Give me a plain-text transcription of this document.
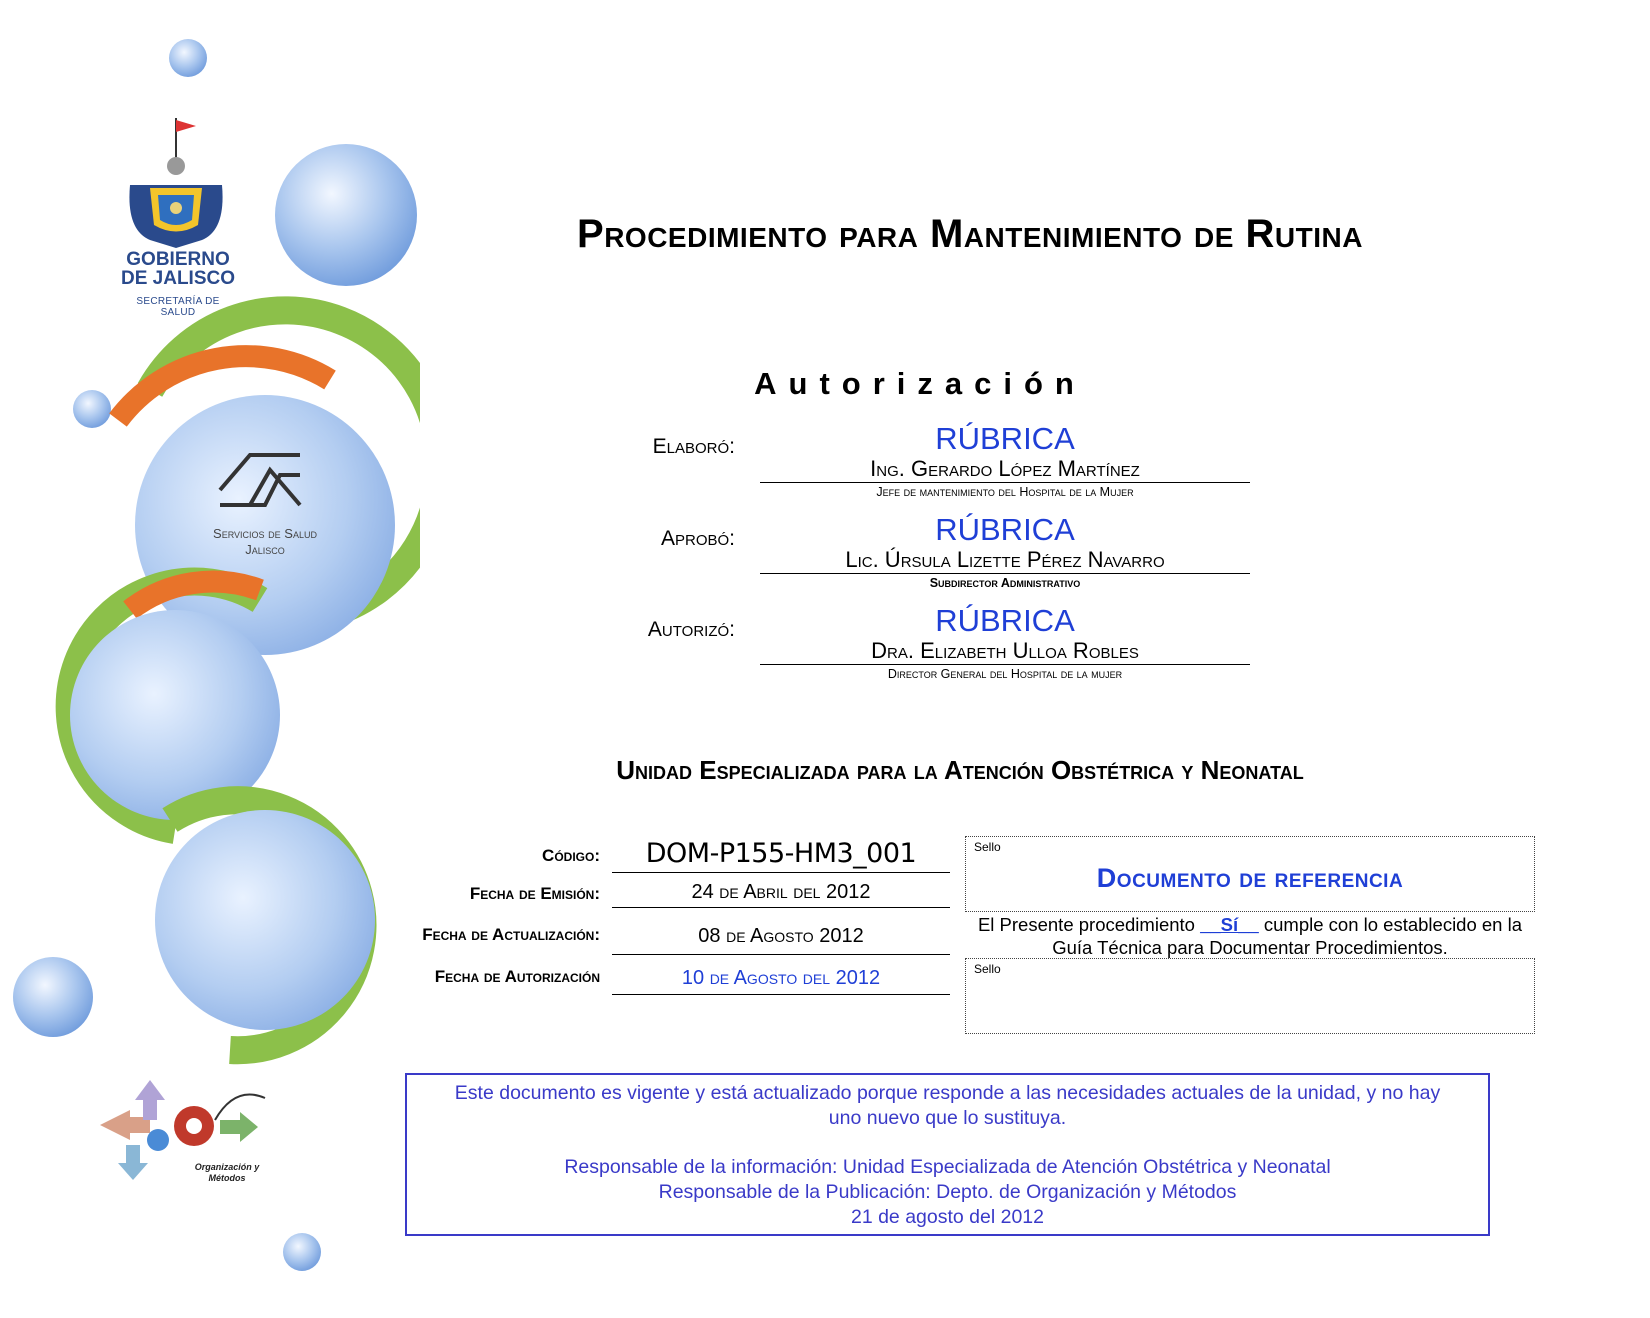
GOBIERNO
DE JALISCO
SECRETARÍA DE SALUD
Servicios de Salud
Jalisco
Organización y
Métodos
Procedimiento para Mantenimiento de Rutina
Autorización
Elaboró:	RÚBRICA
Ing. Gerardo López Martínez
Jefe de mantenimiento del Hospital de la Mujer
Aprobó:	RÚBRICA
Lic. Úrsula Lizette Pérez Navarro
Subdirector Administrativo
Autorizó:	RÚBRICA
Dra. Elizabeth Ulloa Robles
Director General del Hospital de la mujer
Unidad Especializada para la Atención Obstétrica y Neonatal
Código:	DOM-P155-HM3_001
Fecha de Emisión:	24 de Abril del 2012
Fecha de Actualización:	08 de Agosto 2012
Fecha de Autorización	10 de Agosto del 2012
Sello
Documento de referencia
El Presente procedimiento __Sí__ cumple con lo establecido en la Guía Técnica para Documentar Procedimientos.
Sello

Este documento es vigente y está actualizado porque responde a las necesidades actuales de la unidad, y no hay uno nuevo que lo sustituya.

Responsable de la información: Unidad Especializada de Atención Obstétrica y Neonatal

Responsable de la Publicación: Depto. de Organización y Métodos

21 de agosto del 2012
